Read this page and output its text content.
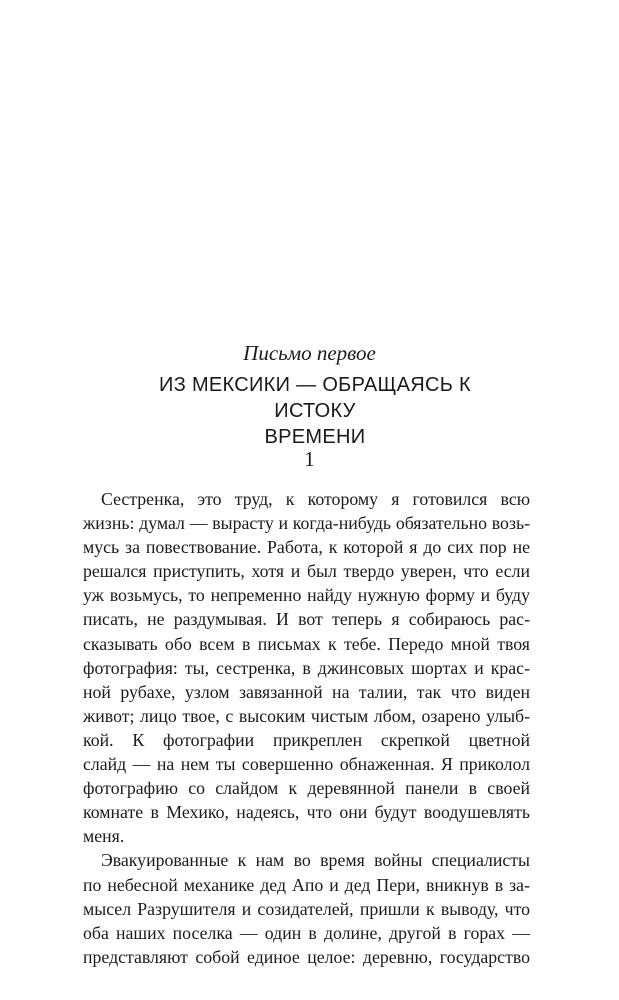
Письмо первое
ИЗ МЕКСИКИ — ОБРАЩАЯСЬ К ИСТОКУ
ВРЕМЕНИ
1
Сестренка, это труд, к которому я готовился всю
жизнь: думал — вырасту и когда-нибудь обязательно возь-
мусь за повествование. Работа, к которой я до сих пор не
решался приступить, хотя и был твердо уверен, что если
уж возьмусь, то непременно найду нужную форму и буду
писать, не раздумывая. И вот теперь я собираюсь рас-
сказывать обо всем в письмах к тебе. Передо мной твоя
фотография: ты, сестренка, в джинсовых шортах и крас-
ной рубахе, узлом завязанной на талии, так что виден
живот; лицо твое, с высоким чистым лбом, озарено улыб-
кой. К фотографии прикреплен скрепкой цветной
слайд — на нем ты совершенно обнаженная. Я приколол
фотографию со слайдом к деревянной панели в своей
комнате в Мехико, надеясь, что они будут воодушевлять
меня.
Эвакуированные к нам во время войны специалисты
по небесной механике дед Апо и дед Пери, вникнув в за-
мысел Разрушителя и созидателей, пришли к выводу, что
оба наших поселка — один в долине, другой в горах —
представляют собой единое целое: деревню, государство
